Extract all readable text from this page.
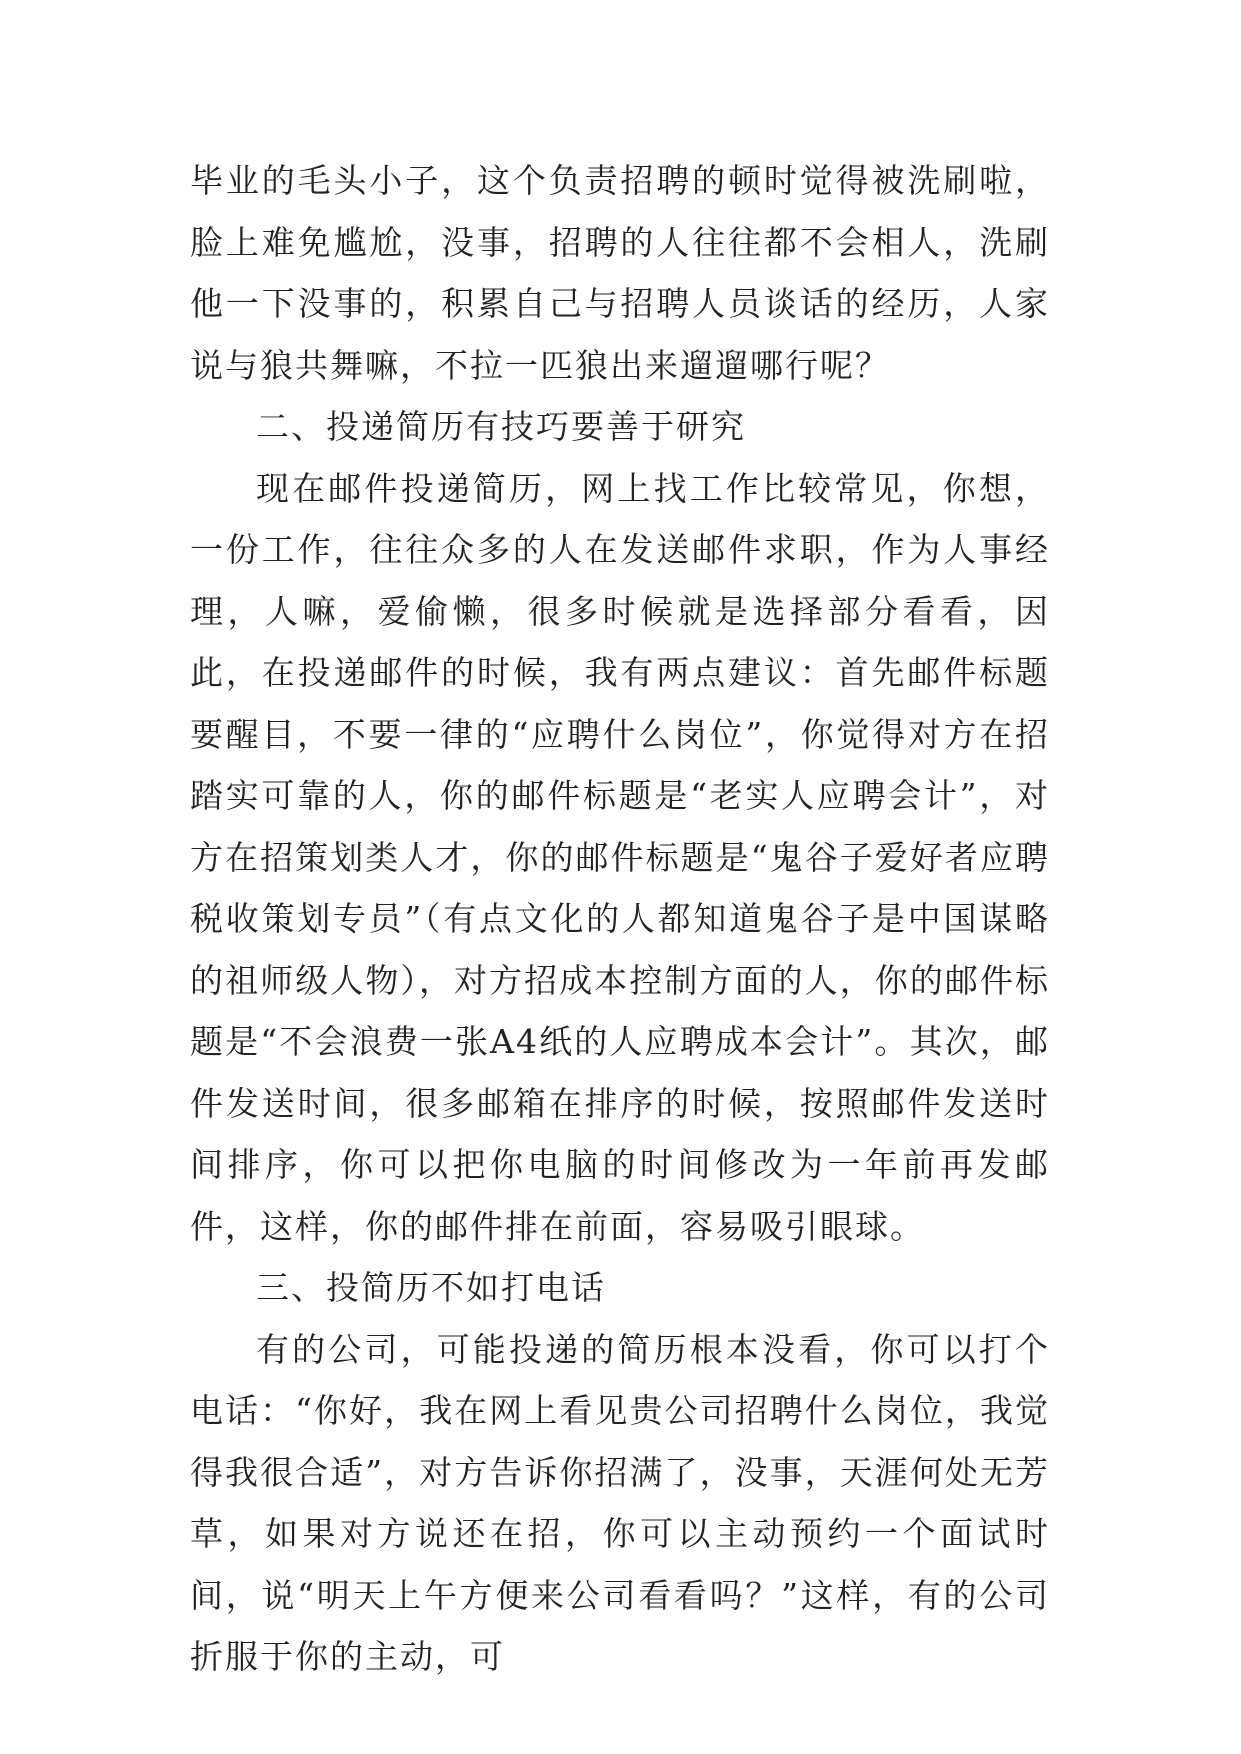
毕业的毛头小子，这个负责招聘的顿时觉得被洗刷啦，脸上难免尴尬，没事，招聘的人往往都不会相人，洗刷他一下没事的，积累自己与招聘人员谈话的经历，人家说与狼共舞嘛，不拉一匹狼出来遛遛哪行呢？

二、投递简历有技巧要善于研究

现在邮件投递简历，网上找工作比较常见，你想，一份工作，往往众多的人在发送邮件求职，作为人事经理，人嘛，爱偷懒，很多时候就是选择部分看看，因此，在投递邮件的时候，我有两点建议：首先邮件标题要醒目，不要一律的“应聘什么岗位”，你觉得对方在招踏实可靠的人，你的邮件标题是“老实人应聘会计”，对方在招策划类人才，你的邮件标题是“鬼谷子爱好者应聘税收策划专员”（有点文化的人都知道鬼谷子是中国谋略的祖师级人物），对方招成本控制方面的人，你的邮件标题是“不会浪费一张A4纸的人应聘成本会计”。其次，邮件发送时间，很多邮箱在排序的时候，按照邮件发送时间排序，你可以把你电脑的时间修改为一年前再发邮件，这样，你的邮件排在前面，容易吸引眼球。

三、投简历不如打电话

有的公司，可能投递的简历根本没看，你可以打个电话：“你好，我在网上看见贵公司招聘什么岗位，我觉得我很合适”，对方告诉你招满了，没事，天涯何处无芳草，如果对方说还在招，你可以主动预约一个面试时间，说“明天上午方便来公司看看吗？”这样，有的公司折服于你的主动，可
